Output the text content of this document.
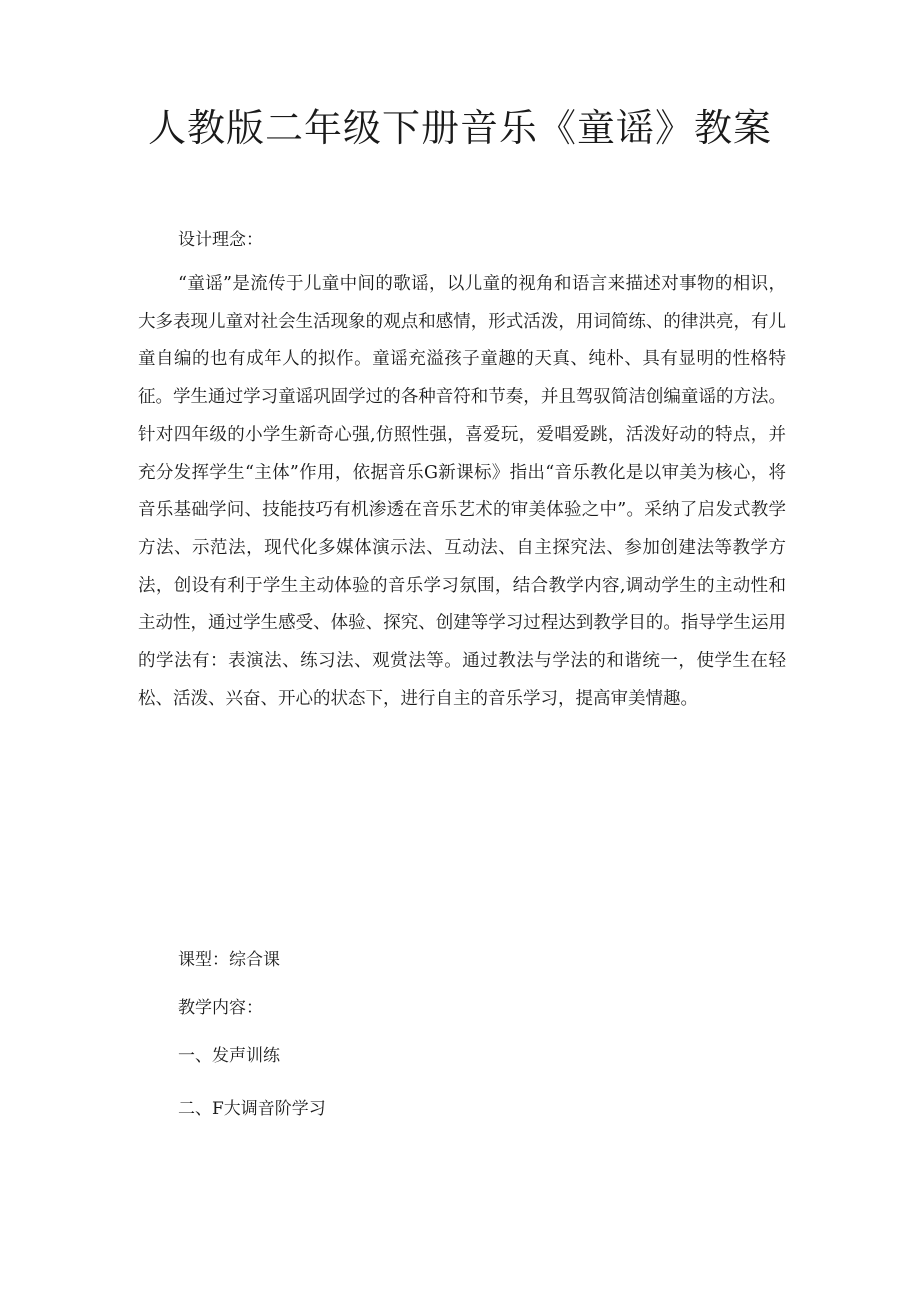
人教版二年级下册音乐《童谣》教案

设计理念：

“童谣”是流传于儿童中间的歌谣，以儿童的视角和语言来描述对事物的相识，大多表现儿童对社会生活现象的观点和感情，形式活泼，用词简练、的律洪亮，有儿童自编的也有成年人的拟作。童谣充溢孩子童趣的天真、纯朴、具有显明的性格特征。学生通过学习童谣巩固学过的各种音符和节奏，并且驾驭简洁创编童谣的方法。针对四年级的小学生新奇心强,仿照性强，喜爱玩，爱唱爱跳，活泼好动的特点，并充分发挥学生“主体”作用，依据音乐G新课标》指出“音乐教化是以审美为核心，将音乐基础学问、技能技巧有机渗透在音乐艺术的审美体验之中”。采纳了启发式教学方法、示范法，现代化多媒体演示法、互动法、自主探究法、参加创建法等教学方法，创设有利于学生主动体验的音乐学习氛围，结合教学内容,调动学生的主动性和主动性，通过学生感受、体验、探究、创建等学习过程达到教学目的。指导学生运用的学法有：表演法、练习法、观赏法等。通过教法与学法的和谐统一，使学生在轻松、活泼、兴奋、开心的状态下，进行自主的音乐学习，提高审美情趣。

课型：综合课

教学内容：

一、发声训练

二、F大调音阶学习
